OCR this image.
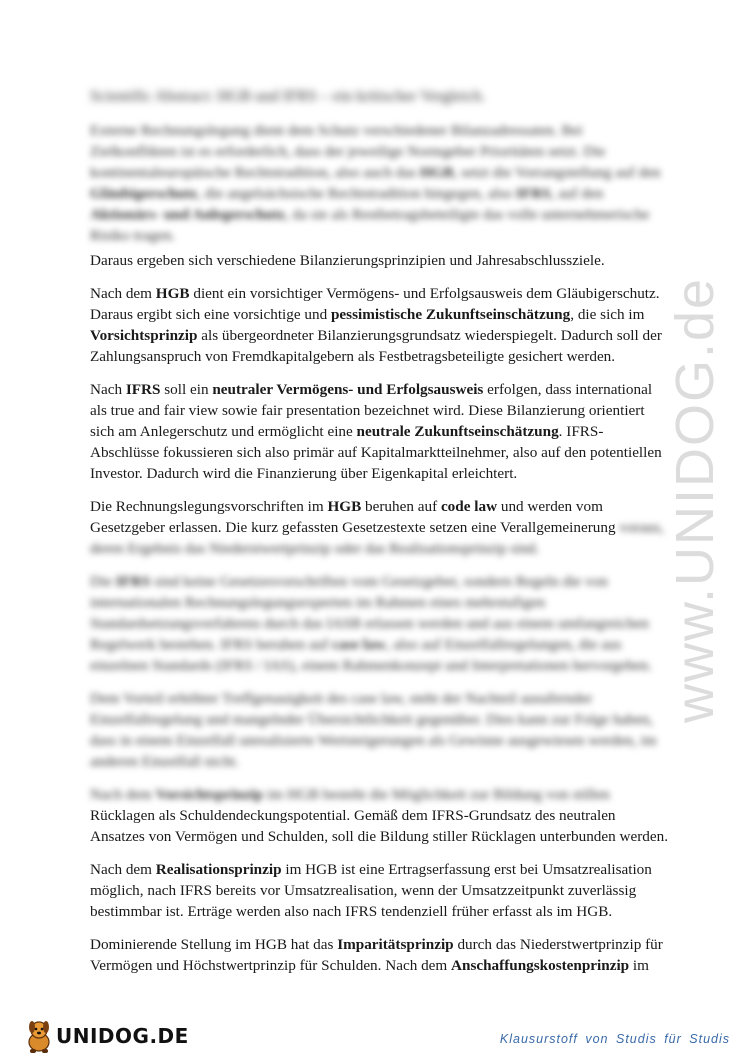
www.UNIDOG.de
Scientific Abstract: HGB und IFRS – ein kritischer Vergleich.

Externe Rechnungslegung dient dem Schutz verschiedener Bilanzadressaten. Bei Zielkonflikten ist es erforderlich, dass der jeweilige Normgeber Prioritäten setzt. Die kontinentaleuropäische Rechtstradition, also auch das HGB, setzt die Vorrangstellung auf den Gläubigerschutz, die angelsächsische Rechtstradition hingegen, also IFRS, auf den Aktionärs- und Anlegerschutz, da sie als Restbetragsbeteiligte das volle unternehmerische Risiko tragen.

Daraus ergeben sich verschiedene Bilanzierungsprinzipien und Jahresabschlussziele.

Nach dem HGB dient ein vorsichtiger Vermögens- und Erfolgsausweis dem Gläubigerschutz. Daraus ergibt sich eine vorsichtige und pessimistische Zukunftseinschätzung, die sich im Vorsichtsprinzip als übergeordneter Bilanzierungsgrundsatz wiederspiegelt. Dadurch soll der Zahlungsanspruch von Fremdkapitalgebern als Festbetragsbeteiligte gesichert werden.

Nach IFRS soll ein neutraler Vermögens- und Erfolgsausweis erfolgen, dass international als true and fair view sowie fair presentation bezeichnet wird. Diese Bilanzierung orientiert sich am Anlegerschutz und ermöglicht eine neutrale Zukunftseinschätzung. IFRS-Abschlüsse fokussieren sich also primär auf Kapitalmarktteilnehmer, also auf den potentiellen Investor. Dadurch wird die Finanzierung über Eigenkapital erleichtert.

Die Rechnungslegungsvorschriften im HGB beruhen auf code law und werden vom Gesetzgeber erlassen. Die kurz gefassten Gesetzestexte setzen eine Verallgemeinerung voraus, deren Ergebnis das Niederstwertprinzip oder das Realisationsprinzip sind.

Die IFRS sind keine Gesetzesvorschriften vom Gesetzgeber, sondern Regeln die von internationalen Rechnungslegungsexperten im Rahmen eines mehrstufigen Standardsetzungsverfahrens durch das IASB erlassen werden und aus einem umfangreichen Regelwerk bestehen. IFRS beruhen auf case law, also auf Einzelfallregelungen, die aus einzelnen Standards (IFRS / IAS), einem Rahmenkonzept und Interpretationen hervorgehen.

Dem Vorteil erhöhter Treffgenauigkeit des case law, steht der Nachteil ausufernder Einzelfallregelung und mangelnder Übersichtlichkeit gegenüber. Dies kann zur Folge haben, dass in einem Einzelfall unrealisierte Wertsteigerungen als Gewinne ausgewiesen werden, im anderen Einzelfall nicht.

Nach dem Vorsichtsprinzip im HGB besteht die Möglichkeit zur Bildung von stillen
Rücklagen als Schuldendeckungspotential. Gemäß dem IFRS-Grundsatz des neutralen Ansatzes von Vermögen und Schulden, soll die Bildung stiller Rücklagen unterbunden werden.

Nach dem Realisationsprinzip im HGB ist eine Ertragserfassung erst bei Umsatzrealisation möglich, nach IFRS bereits vor Umsatzrealisation, wenn der Umsatzzeitpunkt zuverlässig bestimmbar ist. Erträge werden also nach IFRS tendenziell früher erfasst als im HGB.

Dominierende Stellung im HGB hat das Imparitätsprinzip durch das Niederstwertprinzip für Vermögen und Höchstwertprinzip für Schulden. Nach dem Anschaffungskostenprinzip im

UNIDOG.DE	Klausurstoff von Studis für Studis
